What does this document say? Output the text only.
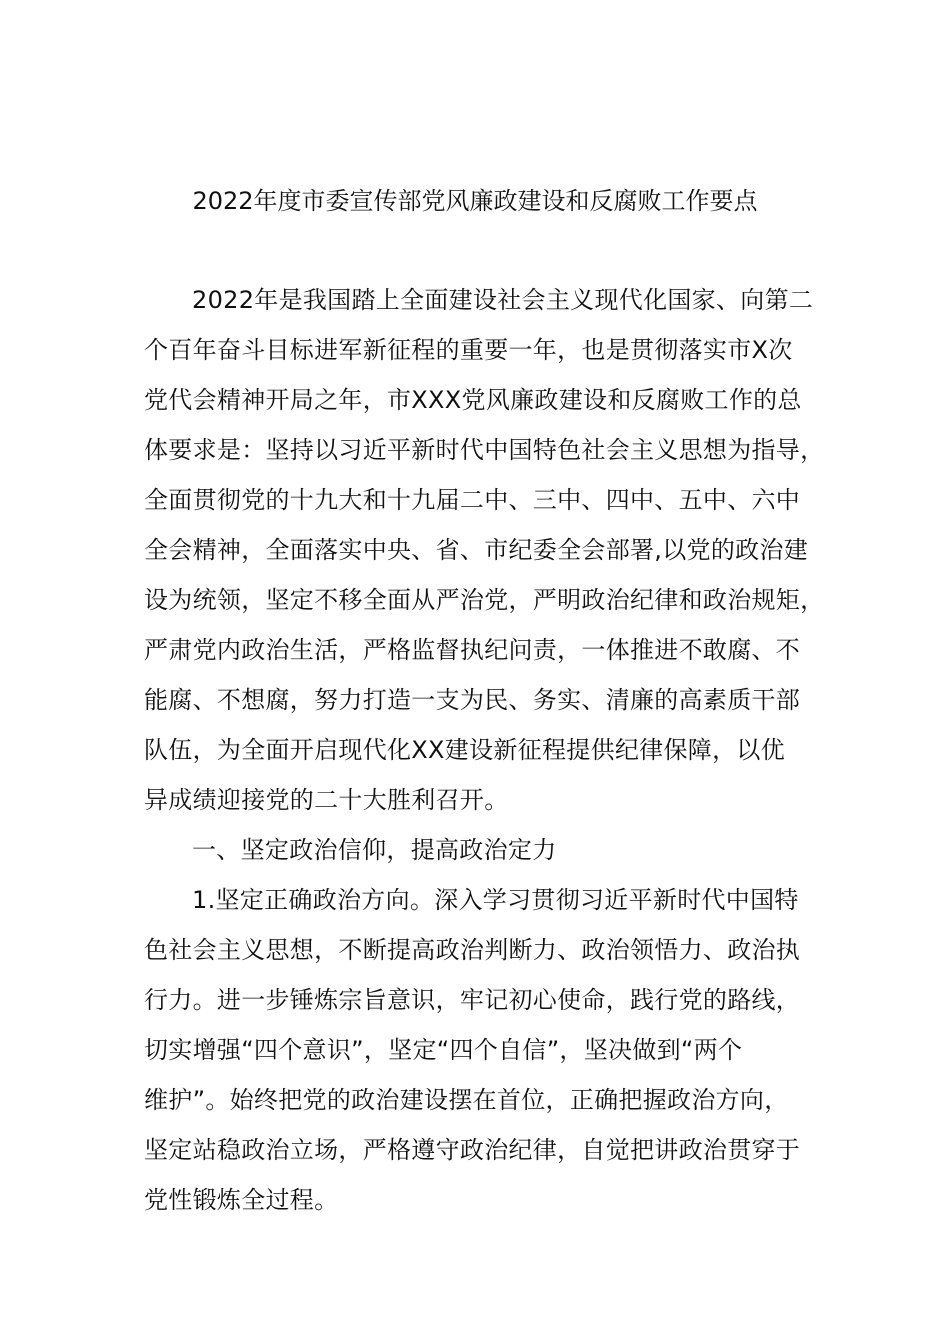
2022年度市委宣传部党风廉政建设和反腐败工作要点
2022年是我国踏上全面建设社会主义现代化国家、向第二
个百年奋斗目标进军新征程的重要一年，也是贯彻落实市X次
党代会精神开局之年，市XXX党风廉政建设和反腐败工作的总
体要求是：坚持以习近平新时代中国特色社会主义思想为指导，
全面贯彻党的十九大和十九届二中、三中、四中、五中、六中
全会精神，全面落实中央、省、市纪委全会部署,以党的政治建
设为统领，坚定不移全面从严治党，严明政治纪律和政治规矩，
严肃党内政治生活，严格监督执纪问责，一体推进不敢腐、不
能腐、不想腐，努力打造一支为民、务实、清廉的高素质干部
队伍，为全面开启现代化XX建设新征程提供纪律保障，以优
异成绩迎接党的二十大胜利召开。
一、坚定政治信仰，提高政治定力
1.坚定正确政治方向。深入学习贯彻习近平新时代中国特
色社会主义思想，不断提高政治判断力、政治领悟力、政治执
行力。进一步锤炼宗旨意识，牢记初心使命，践行党的路线，
切实增强“四个意识”，坚定“四个自信”，坚决做到“两个
维护”。始终把党的政治建设摆在首位，正确把握政治方向，
坚定站稳政治立场，严格遵守政治纪律，自觉把讲政治贯穿于
党性锻炼全过程。
